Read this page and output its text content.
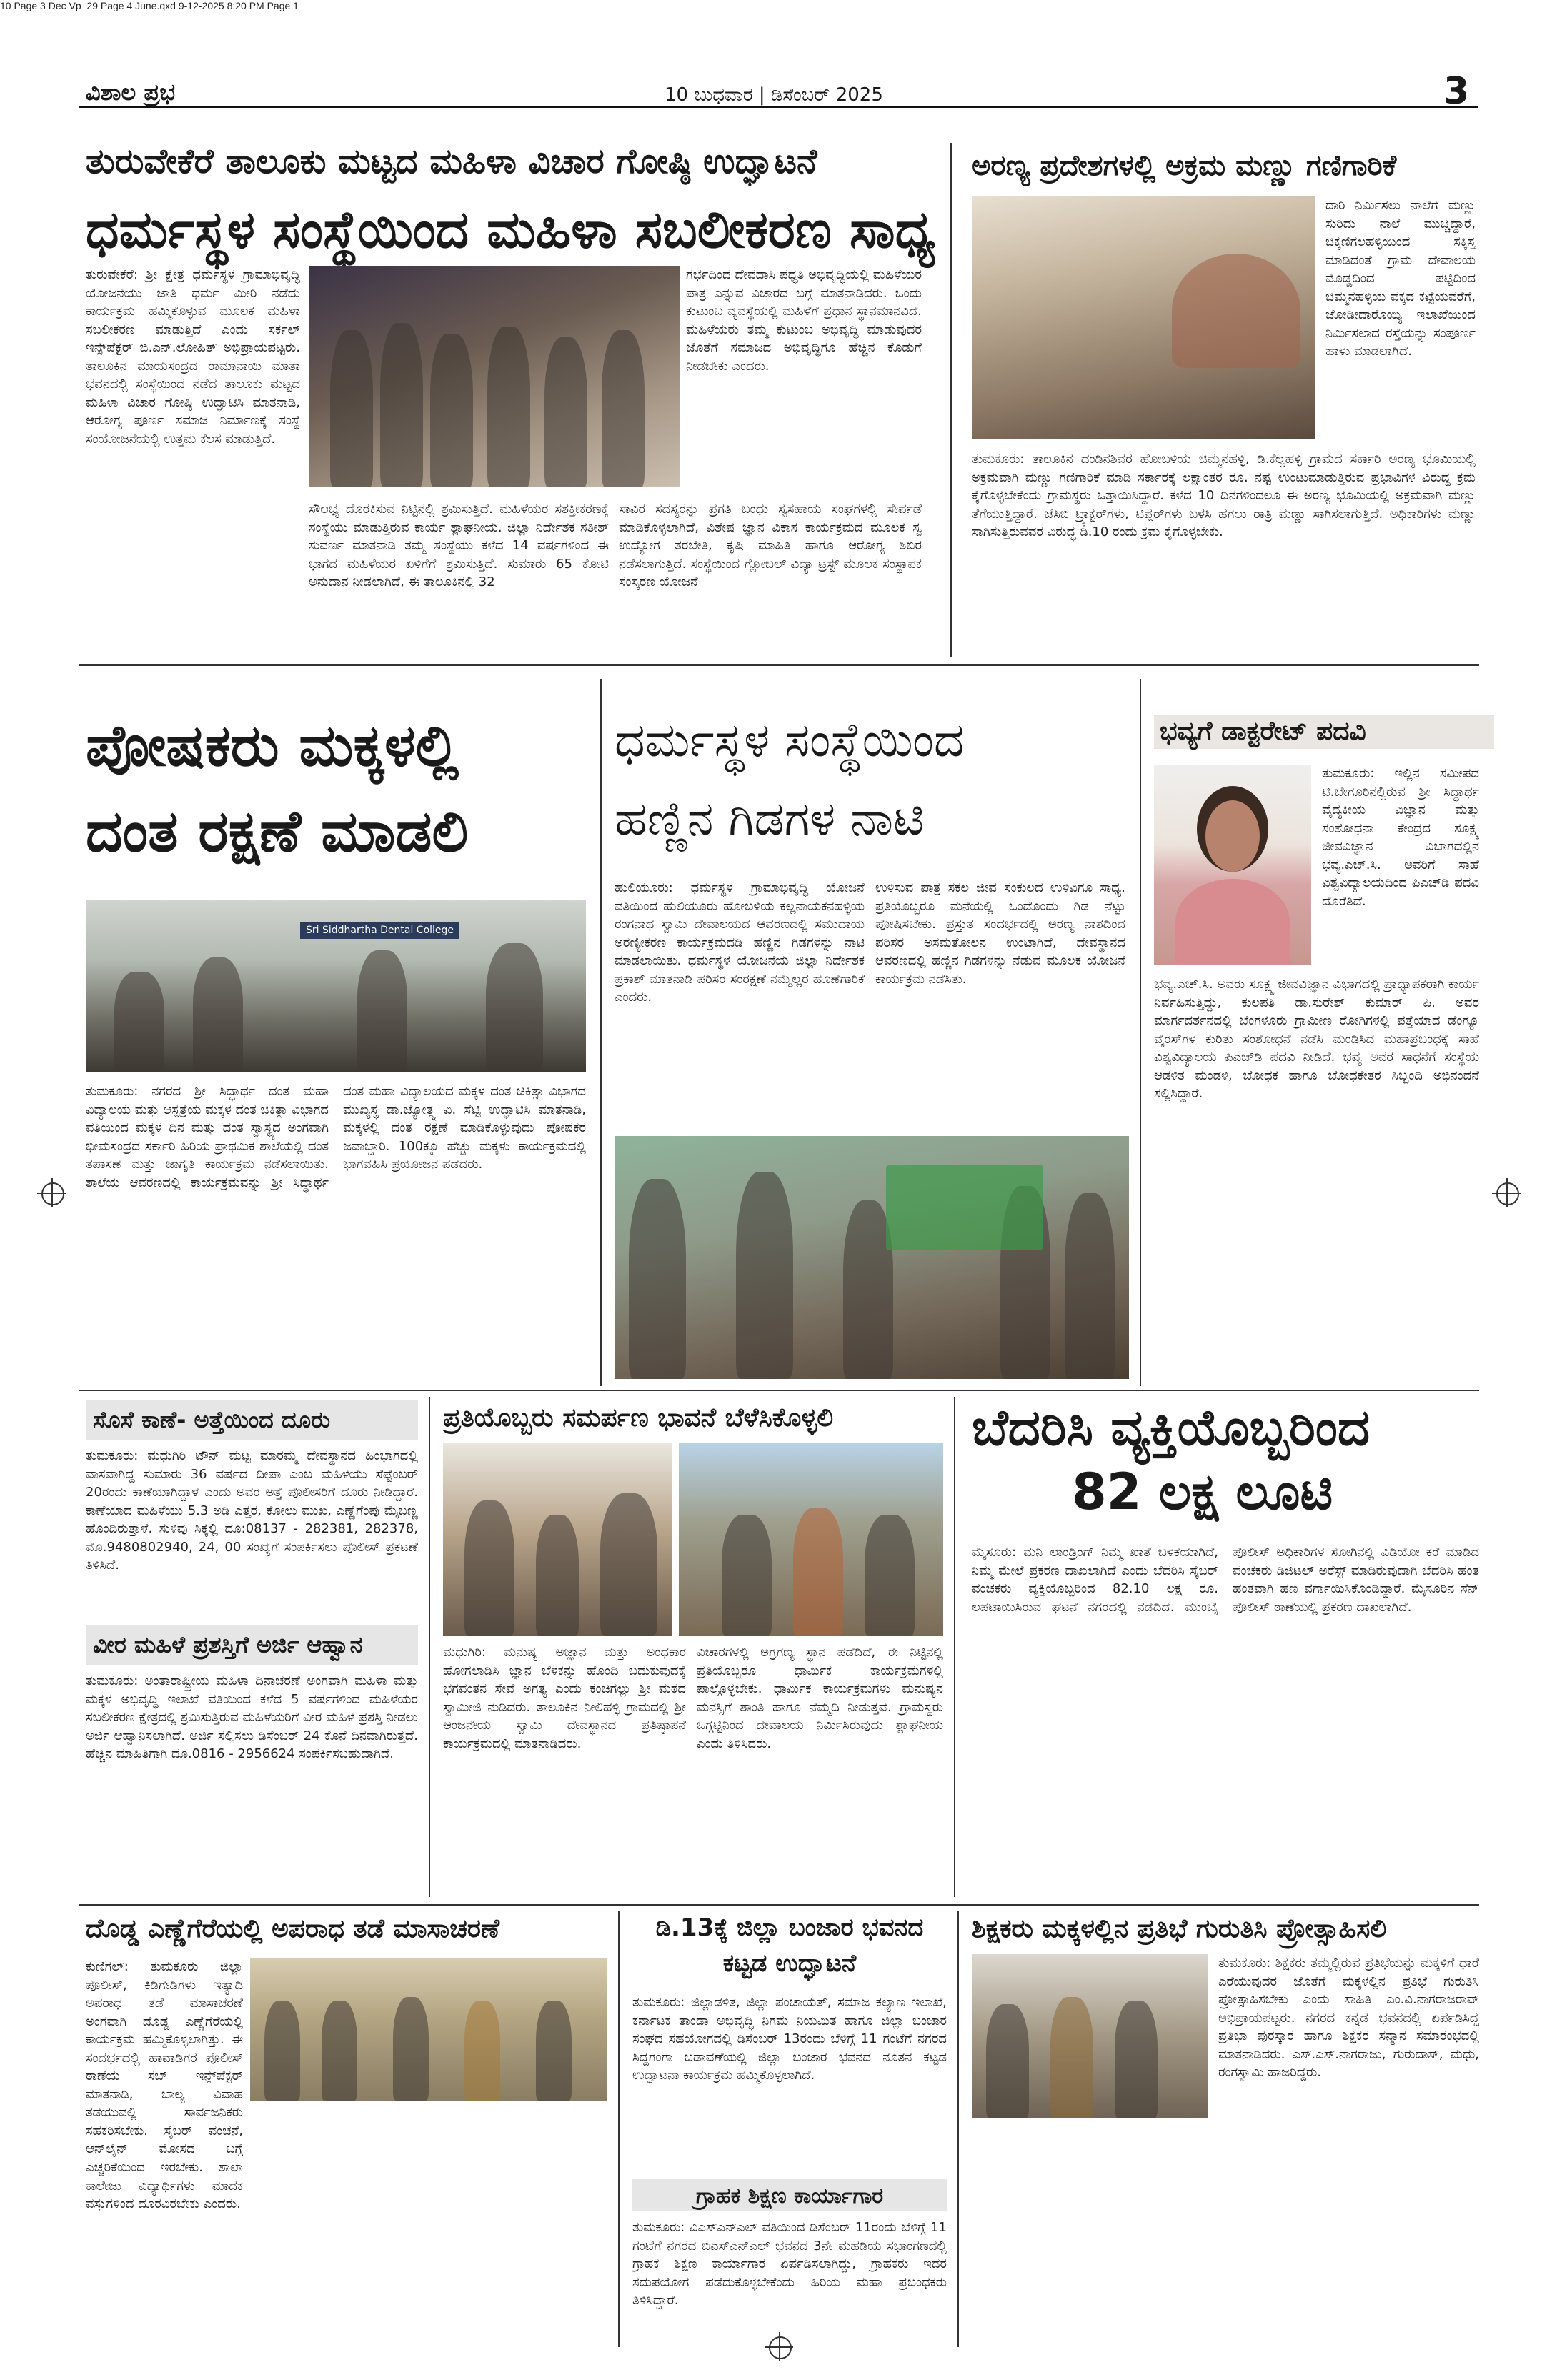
10 Page 3 Dec Vp_29 Page 4 June.qxd 9-12-2025 8:20 PM Page 1
ವಿಶಾಲ ಪ್ರಭ	10 ಬುಧವಾರ | ಡಿಸೆಂಬರ್ 2025	3
ತುರುವೇಕೆರೆ ತಾಲೂಕು ಮಟ್ಟದ ಮಹಿಳಾ ವಿಚಾರ ಗೋಷ್ಠಿ ಉದ್ಘಾಟನೆ
ಧರ್ಮಸ್ಥಳ ಸಂಸ್ಥೆಯಿಂದ ಮಹಿಳಾ ಸಬಲೀಕರಣ ಸಾಧ್ಯ
ತುರುವೇಕೆರೆ: ಶ್ರೀ ಕ್ಷೇತ್ರ ಧರ್ಮಸ್ಥಳ ಗ್ರಾಮಾಭಿವೃದ್ಧಿ ಯೋಜನೆಯು ಜಾತಿ ಧರ್ಮ ಮೀರಿ ನಡೆದು ಕಾರ್ಯಕ್ರಮ ಹಮ್ಮಿಕೊಳ್ಳುವ ಮೂಲಕ ಮಹಿಳಾ ಸಬಲೀಕರಣ ಮಾಡುತ್ತಿದೆ ಎಂದು ಸರ್ಕಲ್ ಇನ್ಸ್‌ಪೆಕ್ಟರ್ ಬಿ.ಎನ್.ಲೋಹಿತ್ ಅಭಿಪ್ರಾಯಪಟ್ಟರು. ತಾಲೂಕಿನ ಮಾಯಸಂದ್ರದ ರಾಮಾನಾಯಿ ಮಾತಾ ಭವನದಲ್ಲಿ ಸಂಸ್ಥೆಯಿಂದ ನಡೆದ ತಾಲೂಕು ಮಟ್ಟದ ಮಹಿಳಾ ವಿಚಾರ ಗೋಷ್ಠಿ ಉದ್ಘಾಟಿಸಿ ಮಾತನಾಡಿ, ಆರೋಗ್ಯ ಪೂರ್ಣ ಸಮಾಜ ನಿರ್ಮಾಣಕ್ಕೆ ಸಂಸ್ಥೆ ಸಂಯೋಜನೆಯಲ್ಲಿ ಉತ್ತಮ ಕೆಲಸ ಮಾಡುತ್ತಿದೆ.
ಗರ್ಭದಿಂದ ದೇವದಾಸಿ ಪಧ್ಧತಿ ಅಭಿವೃದ್ಧಿಯಲ್ಲಿ ಮಹಿಳೆಯರ ಪಾತ್ರ ಎನ್ನುವ ವಿಚಾರದ ಬಗ್ಗೆ ಮಾತನಾಡಿದರು. ಒಂದು ಕುಟುಂಬ ವ್ಯವಸ್ಥೆಯಲ್ಲಿ ಮಹಿಳೆಗೆ ಪ್ರಧಾನ ಸ್ಥಾನಮಾನವಿದೆ. ಮಹಿಳೆಯರು ತಮ್ಮ ಕುಟುಂಬ ಅಭಿವೃದ್ಧಿ ಮಾಡುವುದರ ಜೊತೆಗೆ ಸಮಾಜದ ಅಭಿವೃದ್ಧಿಗೂ ಹೆಚ್ಚಿನ ಕೊಡುಗೆ ನೀಡಬೇಕು ಎಂದರು.
ಸೌಲಭ್ಯ ದೊರಕಿಸುವ ನಿಟ್ಟಿನಲ್ಲಿ ಶ್ರಮಿಸುತ್ತಿದೆ. ಮಹಿಳೆಯರ ಸಶಕ್ತೀಕರಣಕ್ಕೆ ಸಂಸ್ಥೆಯು ಮಾಡುತ್ತಿರುವ ಕಾರ್ಯ ಶ್ಲಾಘನೀಯ. ಜಿಲ್ಲಾ ನಿರ್ದೇಶಕ ಸತೀಶ್ ಸುವರ್ಣ ಮಾತನಾಡಿ ತಮ್ಮ ಸಂಸ್ಥೆಯು ಕಳೆದ 14 ವರ್ಷಗಳಿಂದ ಈ ಭಾಗದ ಮಹಿಳೆಯರ ಏಳಿಗೆಗೆ ಶ್ರಮಿಸುತ್ತಿದೆ. ಸುಮಾರು 65 ಕೋಟಿ ಅನುದಾನ ನೀಡಲಾಗಿದೆ, ಈ ತಾಲೂಕಿನಲ್ಲಿ 32
ಸಾವಿರ ಸದಸ್ಯರನ್ನು ಪ್ರಗತಿ ಬಂಧು ಸ್ವಸಹಾಯ ಸಂಘಗಳಲ್ಲಿ ಸೇರ್ಪಡೆ ಮಾಡಿಕೊಳ್ಳಲಾಗಿದೆ, ವಿಶೇಷ ಜ್ಞಾನ ವಿಕಾಸ ಕಾರ್ಯಕ್ರಮದ ಮೂಲಕ ಸ್ವ ಉದ್ಯೋಗ ತರಬೇತಿ, ಕೃಷಿ ಮಾಹಿತಿ ಹಾಗೂ ಆರೋಗ್ಯ ಶಿಬಿರ ನಡೆಸಲಾಗುತ್ತಿದೆ. ಸಂಸ್ಥೆಯಿಂದ ಗ್ಲೋಬಲ್ ವಿದ್ಯಾ ಟ್ರಸ್ಟ್ ಮೂಲಕ ಸಂಸ್ಥಾಪಕ ಸಂಸ್ಕರಣ ಯೋಜನೆ
ಅರಣ್ಯ ಪ್ರದೇಶಗಳಲ್ಲಿ ಅಕ್ರಮ ಮಣ್ಣು ಗಣಿಗಾರಿಕೆ
ದಾರಿ ನಿರ್ಮಿಸಲು ನಾಲೆಗೆ ಮಣ್ಣು ಸುರಿದು ನಾಲೆ ಮುಚ್ಚಿದ್ದಾರೆ, ಚಿಕ್ಕಣಿಗಲಹಳ್ಳಿಯಿಂದ ಸಕ್ಕಿಸ್ತ ಮಾಡಿದಂತೆ ಗ್ರಾಮ ದೇವಾಲಯ ಮೊಡ್ಡದಿಂದ ಪಟ್ಟಿದಿಂದ ಚಿಮ್ಮನಹಳ್ಳಿಯ ವಕ್ಕದ ಕಟ್ಟೆಯವರೆಗೆ, ಜೋಡೀದಾರೊಯ್ಯಿ ಇಲಾಖೆಯಿಂದ ನಿರ್ಮಿಸಲಾದ ರಸ್ತೆಯನ್ನು ಸಂಪೂರ್ಣ ಹಾಳು ಮಾಡಲಾಗಿದೆ.
ತುಮಕೂರು: ತಾಲೂಕಿನ ದಂಡಿನಶಿವರ ಹೋಬಳಿಯ ಚಿಮ್ಮನಹಳ್ಳಿ, ಡಿ.ಕೆಲ್ಲಹಳ್ಳಿ ಗ್ರಾಮದ ಸರ್ಕಾರಿ ಅರಣ್ಯ ಭೂಮಿಯಲ್ಲಿ ಅಕ್ರಮವಾಗಿ ಮಣ್ಣು ಗಣಿಗಾರಿಕೆ ಮಾಡಿ ಸರ್ಕಾರಕ್ಕೆ ಲಕ್ಷಾಂತರ ರೂ. ನಷ್ಟ ಉಂಟುಮಾಡುತ್ತಿರುವ ಪ್ರಭಾವಿಗಳ ವಿರುದ್ಧ ಕ್ರಮ ಕೈಗೊಳ್ಳಬೇಕೆಂದು ಗ್ರಾಮಸ್ಥರು ಒತ್ತಾಯಿಸಿದ್ದಾರೆ. ಕಳೆದ 10 ದಿನಗಳಿಂದಲೂ ಈ ಅರಣ್ಯ ಭೂಮಿಯಲ್ಲಿ ಅಕ್ರಮವಾಗಿ ಮಣ್ಣು ತೆಗೆಯುತ್ತಿದ್ದಾರೆ. ಜೆಸಿಬಿ ಟ್ರ್ಯಾಕ್ಟರ್‌ಗಳು, ಟಿಪ್ಪರ್‌ಗಳು ಬಳಸಿ ಹಗಲು ರಾತ್ರಿ ಮಣ್ಣು ಸಾಗಿಸಲಾಗುತ್ತಿದೆ. ಅಧಿಕಾರಿಗಳು ಮಣ್ಣು ಸಾಗಿಸುತ್ತಿರುವವರ ವಿರುದ್ಧ ಡಿ.10 ರಂದು ಕ್ರಮ ಕೈಗೊಳ್ಳಬೇಕು.
ಪೋಷಕರು ಮಕ್ಕಳಲ್ಲಿ
ದಂತ ರಕ್ಷಣೆ ಮಾಡಲಿ
Sri Siddhartha Dental College
ತುಮಕೂರು: ನಗರದ ಶ್ರೀ ಸಿದ್ಧಾರ್ಥ ದಂತ ಮಹಾ ವಿದ್ಯಾಲಯ ಮತ್ತು ಆಸ್ಪತ್ರೆಯ ಮಕ್ಕಳ ದಂತ ಚಿಕಿತ್ಸಾ ವಿಭಾಗದ ವತಿಯಿಂದ ಮಕ್ಕಳ ದಿನ ಮತ್ತು ದಂತ ಸ್ವಾಸ್ಥ್ಯದ ಅಂಗವಾಗಿ ಭೀಮಸಂದ್ರದ ಸರ್ಕಾರಿ ಹಿರಿಯ ಪ್ರಾಥಮಿಕ ಶಾಲೆಯಲ್ಲಿ ದಂತ ತಪಾಸಣೆ ಮತ್ತು ಜಾಗೃತಿ ಕಾರ್ಯಕ್ರಮ ನಡೆಸಲಾಯಿತು. ಶಾಲೆಯ ಆವರಣದಲ್ಲಿ ಕಾರ್ಯಕ್ರಮವನ್ನು ಶ್ರೀ ಸಿದ್ಧಾರ್ಥ ದಂತ ಮಹಾ ವಿದ್ಯಾಲಯದ ಮಕ್ಕಳ ದಂತ ಚಿಕಿತ್ಸಾ ವಿಭಾಗದ ಮುಖ್ಯಸ್ಥ ಡಾ.ಜ್ಯೋತ್ಸ್ನ ವಿ. ಸೆಟ್ಟಿ ಉದ್ಘಾಟಿಸಿ ಮಾತನಾಡಿ, ಮಕ್ಕಳಲ್ಲಿ ದಂತ ರಕ್ಷಣೆ ಮಾಡಿಕೊಳ್ಳುವುದು ಪೋಷಕರ ಜವಾಬ್ದಾರಿ. 100ಕ್ಕೂ ಹೆಚ್ಚು ಮಕ್ಕಳು ಕಾರ್ಯಕ್ರಮದಲ್ಲಿ ಭಾಗವಹಿಸಿ ಪ್ರಯೋಜನ ಪಡೆದರು.
ಧರ್ಮಸ್ಥಳ ಸಂಸ್ಥೆಯಿಂದ
ಹಣ್ಣಿನ ಗಿಡಗಳ ನಾಟಿ
ಹುಲಿಯೂರು: ಧರ್ಮಸ್ಥಳ ಗ್ರಾಮಾಭಿವೃದ್ಧಿ ಯೋಜನೆ ವತಿಯಿಂದ ಹುಲಿಯೂರು ಹೋಬಳಿಯ ಕಲ್ಲನಾಯಕನಹಳ್ಳಿಯ ರಂಗನಾಥ ಸ್ವಾಮಿ ದೇವಾಲಯದ ಆವರಣದಲ್ಲಿ ಸಮುದಾಯ ಅರಣ್ಯೀಕರಣ ಕಾರ್ಯಕ್ರಮದಡಿ ಹಣ್ಣಿನ ಗಿಡಗಳನ್ನು ನಾಟಿ ಮಾಡಲಾಯಿತು. ಧರ್ಮಸ್ಥಳ ಯೋಜನೆಯ ಜಿಲ್ಲಾ ನಿರ್ದೇಶಕ ಪ್ರಕಾಶ್ ಮಾತನಾಡಿ ಪರಿಸರ ಸಂರಕ್ಷಣೆ ನಮ್ಮೆಲ್ಲರ ಹೊಣೆಗಾರಿಕೆ ಎಂದರು.
ಉಳಿಸುವ ಪಾತ್ರ ಸಕಲ ಜೀವ ಸಂಕುಲದ ಉಳಿವಿಗೂ ಸಾಧ್ಯ. ಪ್ರತಿಯೊಬ್ಬರೂ ಮನೆಯಲ್ಲಿ ಒಂದೊಂದು ಗಿಡ ನೆಟ್ಟು ಪೋಷಿಸಬೇಕು. ಪ್ರಸ್ತುತ ಸಂದರ್ಭದಲ್ಲಿ ಅರಣ್ಯ ನಾಶದಿಂದ ಪರಿಸರ ಅಸಮತೋಲನ ಉಂಟಾಗಿದೆ, ದೇವಸ್ಥಾನದ ಆವರಣದಲ್ಲಿ ಹಣ್ಣಿನ ಗಿಡಗಳನ್ನು ನೆಡುವ ಮೂಲಕ ಯೋಜನೆ ಕಾರ್ಯಕ್ರಮ ನಡೆಸಿತು.
ಭವ್ಯಗೆ ಡಾಕ್ಟರೇಟ್ ಪದವಿ
ತುಮಕೂರು: ಇಲ್ಲಿನ ಸಮೀಪದ ಟಿ.ಬೇಗೂರಿನಲ್ಲಿರುವ ಶ್ರೀ ಸಿದ್ಧಾರ್ಥ ವೈದ್ಯಕೀಯ ವಿಜ್ಞಾನ ಮತ್ತು ಸಂಶೋಧನಾ ಕೇಂದ್ರದ ಸೂಕ್ಷ್ಮ ಜೀವವಿಜ್ಞಾನ ವಿಭಾಗದಲ್ಲಿನ ಭವ್ಯ.ಎಚ್.ಸಿ. ಅವರಿಗೆ ಸಾಹೆ ವಿಶ್ವವಿದ್ಯಾಲಯದಿಂದ ಪಿಎಚ್‌ಡಿ ಪದವಿ ದೊರೆತಿದೆ.
ಭವ್ಯ.ಎಚ್.ಸಿ. ಅವರು ಸೂಕ್ಷ್ಮ ಜೀವವಿಜ್ಞಾನ ವಿಭಾಗದಲ್ಲಿ ಪ್ರಾಧ್ಯಾಪಕರಾಗಿ ಕಾರ್ಯ ನಿರ್ವಹಿಸುತ್ತಿದ್ದು, ಕುಲಪತಿ ಡಾ.ಸುರೇಶ್ ಕುಮಾರ್ ಪಿ. ಅವರ ಮಾರ್ಗದರ್ಶನದಲ್ಲಿ ಬೆಂಗಳೂರು ಗ್ರಾಮೀಣ ರೋಗಿಗಳಲ್ಲಿ ಪತ್ತೆಯಾದ ಡೆಂಗ್ಯೂ ವೈರಸ್‌ಗಳ ಕುರಿತು ಸಂಶೋಧನೆ ನಡೆಸಿ ಮಂಡಿಸಿದ ಮಹಾಪ್ರಬಂಧಕ್ಕೆ ಸಾಹೆ ವಿಶ್ವವಿದ್ಯಾಲಯ ಪಿಎಚ್‌ಡಿ ಪದವಿ ನೀಡಿದೆ. ಭವ್ಯ ಅವರ ಸಾಧನೆಗೆ ಸಂಸ್ಥೆಯ ಆಡಳಿತ ಮಂಡಳಿ, ಬೋಧಕ ಹಾಗೂ ಬೋಧಕೇತರ ಸಿಬ್ಬಂದಿ ಅಭಿನಂದನೆ ಸಲ್ಲಿಸಿದ್ದಾರೆ.
ಸೊಸೆ ಕಾಣೆ- ಅತ್ತೆಯಿಂದ ದೂರು
ತುಮಕೂರು: ಮಧುಗಿರಿ ಟೌನ್ ಮಟ್ಟ ಮಾರಮ್ಮ ದೇವಸ್ಥಾನದ ಹಿಂಭಾಗದಲ್ಲಿ ವಾಸವಾಗಿದ್ದ ಸುಮಾರು 36 ವರ್ಷದ ದೀಪಾ ಎಂಬ ಮಹಿಳೆಯು ಸೆಪ್ಟೆಂಬರ್ 20ರಂದು ಕಾಣೆಯಾಗಿದ್ದಾಳೆ ಎಂದು ಅವರ ಅತ್ತೆ ಪೊಲೀಸರಿಗೆ ದೂರು ನೀಡಿದ್ದಾರೆ. ಕಾಣೆಯಾದ ಮಹಿಳೆಯು 5.3 ಅಡಿ ಎತ್ತರ, ಕೋಲು ಮುಖ, ಎಣ್ಣೆಗೆಂಪು ಮೈಬಣ್ಣ ಹೊಂದಿರುತ್ತಾಳೆ. ಸುಳಿವು ಸಿಕ್ಕಲ್ಲಿ ದೂ:08137 - 282381, 282378, ಮೊ.9480802940, 24, 00 ಸಂಖ್ಯೆಗೆ ಸಂಪರ್ಕಿಸಲು ಪೊಲೀಸ್ ಪ್ರಕಟಣೆ ತಿಳಿಸಿದೆ.
ವೀರ ಮಹಿಳೆ ಪ್ರಶಸ್ತಿಗೆ ಅರ್ಜಿ ಆಹ್ವಾನ
ತುಮಕೂರು: ಅಂತಾರಾಷ್ಟ್ರೀಯ ಮಹಿಳಾ ದಿನಾಚರಣೆ ಅಂಗವಾಗಿ ಮಹಿಳಾ ಮತ್ತು ಮಕ್ಕಳ ಅಭಿವೃದ್ಧಿ ಇಲಾಖೆ ವತಿಯಿಂದ ಕಳೆದ 5 ವರ್ಷಗಳಿಂದ ಮಹಿಳೆಯರ ಸಬಲೀಕರಣ ಕ್ಷೇತ್ರದಲ್ಲಿ ಶ್ರಮಿಸುತ್ತಿರುವ ಮಹಿಳೆಯರಿಗೆ ವೀರ ಮಹಿಳೆ ಪ್ರಶಸ್ತಿ ನೀಡಲು ಅರ್ಜಿ ಆಹ್ವಾನಿಸಲಾಗಿದೆ. ಅರ್ಜಿ ಸಲ್ಲಿಸಲು ಡಿಸೆಂಬರ್ 24 ಕೊನೆ ದಿನವಾಗಿರುತ್ತದೆ. ಹೆಚ್ಚಿನ ಮಾಹಿತಿಗಾಗಿ ದೂ.0816 - 2956624 ಸಂಪರ್ಕಿಸಬಹುದಾಗಿದೆ.
ಪ್ರತಿಯೊಬ್ಬರು ಸಮರ್ಪಣ ಭಾವನೆ ಬೆಳೆಸಿಕೊಳ್ಳಲಿ
ಮಧುಗಿರಿ: ಮನುಷ್ಯ ಅಜ್ಞಾನ ಮತ್ತು ಅಂಧಕಾರ ಹೋಗಲಾಡಿಸಿ ಜ್ಞಾನ ಬೆಳಕನ್ನು ಹೊಂದಿ ಬದುಕುವುದಕ್ಕೆ ಭಗವಂತನ ಸೇವೆ ಅಗತ್ಯ ಎಂದು ಕಂಚಿಗಲ್ಲು ಶ್ರೀ ಮಠದ ಸ್ವಾಮೀಜಿ ನುಡಿದರು. ತಾಲೂಕಿನ ನೀಲಿಹಳ್ಳಿ ಗ್ರಾಮದಲ್ಲಿ ಶ್ರೀ ಆಂಜನೇಯ ಸ್ವಾಮಿ ದೇವಸ್ಥಾನದ ಪ್ರತಿಷ್ಠಾಪನೆ ಕಾರ್ಯಕ್ರಮದಲ್ಲಿ ಮಾತನಾಡಿದರು.
ವಿಚಾರಗಳಲ್ಲಿ ಅಗ್ರಗಣ್ಯ ಸ್ಥಾನ ಪಡೆದಿದೆ, ಈ ನಿಟ್ಟಿನಲ್ಲಿ ಪ್ರತಿಯೊಬ್ಬರೂ ಧಾರ್ಮಿಕ ಕಾರ್ಯಕ್ರಮಗಳಲ್ಲಿ ಪಾಲ್ಗೊಳ್ಳಬೇಕು. ಧಾರ್ಮಿಕ ಕಾರ್ಯಕ್ರಮಗಳು ಮನುಷ್ಯನ ಮನಸ್ಸಿಗೆ ಶಾಂತಿ ಹಾಗೂ ನೆಮ್ಮದಿ ನೀಡುತ್ತವೆ. ಗ್ರಾಮಸ್ಥರು ಒಗ್ಗಟ್ಟಿನಿಂದ ದೇವಾಲಯ ನಿರ್ಮಿಸಿರುವುದು ಶ್ಲಾಘನೀಯ ಎಂದು ತಿಳಿಸಿದರು.
ಬೆದರಿಸಿ ವ್ಯಕ್ತಿಯೊಬ್ಬರಿಂದ
82 ಲಕ್ಷ ಲೂಟಿ
ಮೈಸೂರು: ಮನಿ ಲಾಂಡ್ರಿಂಗ್ ನಿಮ್ಮ ಖಾತೆ ಬಳಕೆಯಾಗಿದೆ, ನಿಮ್ಮ ಮೇಲೆ ಪ್ರಕರಣ ದಾಖಲಾಗಿದೆ ಎಂದು ಬೆದರಿಸಿ ಸೈಬರ್ ವಂಚಕರು ವ್ಯಕ್ತಿಯೊಬ್ಬರಿಂದ 82.10 ಲಕ್ಷ ರೂ. ಲಪಟಾಯಿಸಿರುವ ಘಟನೆ ನಗರದಲ್ಲಿ ನಡೆದಿದೆ. ಮುಂಬೈ ಪೊಲೀಸ್ ಅಧಿಕಾರಿಗಳ ಸೋಗಿನಲ್ಲಿ ವಿಡಿಯೋ ಕರೆ ಮಾಡಿದ ವಂಚಕರು ಡಿಜಿಟಲ್ ಅರೆಸ್ಟ್ ಮಾಡಿರುವುದಾಗಿ ಬೆದರಿಸಿ ಹಂತ ಹಂತವಾಗಿ ಹಣ ವರ್ಗಾಯಿಸಿಕೊಂಡಿದ್ದಾರೆ. ಮೈಸೂರಿನ ಸೆನ್ ಪೊಲೀಸ್ ಠಾಣೆಯಲ್ಲಿ ಪ್ರಕರಣ ದಾಖಲಾಗಿದೆ.
ದೊಡ್ಡ ಎಣ್ಣೆಗೆರೆಯಲ್ಲಿ ಅಪರಾಧ ತಡೆ ಮಾಸಾಚರಣೆ
ಕುಣಿಗಲ್: ತುಮಕೂರು ಜಿಲ್ಲಾ ಪೊಲೀಸ್, ಕಿಡಿಗೇಡಿಗಳು ಇತ್ಯಾದಿ ಅಪರಾಧ ತಡೆ ಮಾಸಾಚರಣೆ ಅಂಗವಾಗಿ ದೊಡ್ಡ ಎಣ್ಣೆಗೆರೆಯಲ್ಲಿ ಕಾರ್ಯಕ್ರಮ ಹಮ್ಮಿಕೊಳ್ಳಲಾಗಿತ್ತು. ಈ ಸಂದರ್ಭದಲ್ಲಿ ಹಾವಾಡಿಗರ ಪೊಲೀಸ್ ಠಾಣೆಯ ಸಬ್ ಇನ್ಸ್‌ಪೆಕ್ಟರ್ ಮಾತನಾಡಿ, ಬಾಲ್ಯ ವಿವಾಹ ತಡೆಯುವಲ್ಲಿ ಸಾರ್ವಜನಿಕರು ಸಹಕರಿಸಬೇಕು. ಸೈಬರ್ ವಂಚನೆ, ಆನ್‌ಲೈನ್ ಮೋಸದ ಬಗ್ಗೆ ಎಚ್ಚರಿಕೆಯಿಂದ ಇರಬೇಕು. ಶಾಲಾ ಕಾಲೇಜು ವಿದ್ಯಾರ್ಥಿಗಳು ಮಾದಕ ವಸ್ತುಗಳಿಂದ ದೂರವಿರಬೇಕು ಎಂದರು.
ಡಿ.13ಕ್ಕೆ ಜಿಲ್ಲಾ ಬಂಜಾರ ಭವನದ
ಕಟ್ಟಡ ಉದ್ಘಾಟನೆ
ತುಮಕೂರು: ಜಿಲ್ಲಾಡಳಿತ, ಜಿಲ್ಲಾ ಪಂಚಾಯತ್, ಸಮಾಜ ಕಲ್ಯಾಣ ಇಲಾಖೆ, ಕರ್ನಾಟಕ ತಾಂಡಾ ಅಭಿವೃದ್ಧಿ ನಿಗಮ ನಿಯಮಿತ ಹಾಗೂ ಜಿಲ್ಲಾ ಬಂಜಾರ ಸಂಘದ ಸಹಯೋಗದಲ್ಲಿ ಡಿಸೆಂಬರ್ 13ರಂದು ಬೆಳಿಗ್ಗೆ 11 ಗಂಟೆಗೆ ನಗರದ ಸಿದ್ದಗಂಗಾ ಬಡಾವಣೆಯಲ್ಲಿ ಜಿಲ್ಲಾ ಬಂಜಾರ ಭವನದ ನೂತನ ಕಟ್ಟಡ ಉದ್ಘಾಟನಾ ಕಾರ್ಯಕ್ರಮ ಹಮ್ಮಿಕೊಳ್ಳಲಾಗಿದೆ.
ಗ್ರಾಹಕ ಶಿಕ್ಷಣ ಕಾರ್ಯಾಗಾರ
ತುಮಕೂರು: ವಿಎಸ್‌ಎನ್‌ಎಲ್ ವತಿಯಿಂದ ಡಿಸೆಂಬರ್ 11ರಂದು ಬೆಳಿಗ್ಗೆ 11 ಗಂಟೆಗೆ ನಗರದ ಬಿಎಸ್‌ಎನ್‌ಎಲ್ ಭವನದ 3ನೇ ಮಹಡಿಯ ಸಭಾಂಗಣದಲ್ಲಿ ಗ್ರಾಹಕ ಶಿಕ್ಷಣ ಕಾರ್ಯಾಗಾರ ಏರ್ಪಡಿಸಲಾಗಿದ್ದು, ಗ್ರಾಹಕರು ಇದರ ಸದುಪಯೋಗ ಪಡೆದುಕೊಳ್ಳಬೇಕೆಂದು ಹಿರಿಯ ಮಹಾ ಪ್ರಬಂಧಕರು ತಿಳಿಸಿದ್ದಾರೆ.
ಶಿಕ್ಷಕರು ಮಕ್ಕಳಲ್ಲಿನ ಪ್ರತಿಭೆ ಗುರುತಿಸಿ ಪ್ರೋತ್ಸಾಹಿಸಲಿ
ತುಮಕೂರು: ಶಿಕ್ಷಕರು ತಮ್ಮಲ್ಲಿರುವ ಪ್ರತಿಭೆಯನ್ನು ಮಕ್ಕಳಿಗೆ ಧಾರೆ ಎರೆಯುವುದರ ಜೊತೆಗೆ ಮಕ್ಕಳಲ್ಲಿನ ಪ್ರತಿಭೆ ಗುರುತಿಸಿ ಪ್ರೋತ್ಸಾಹಿಸಬೇಕು ಎಂದು ಸಾಹಿತಿ ಎಂ.ವಿ.ನಾಗರಾಜರಾವ್ ಅಭಿಪ್ರಾಯಪಟ್ಟರು. ನಗರದ ಕನ್ನಡ ಭವನದಲ್ಲಿ ಏರ್ಪಡಿಸಿದ್ದ ಪ್ರತಿಭಾ ಪುರಸ್ಕಾರ ಹಾಗೂ ಶಿಕ್ಷಕರ ಸನ್ಮಾನ ಸಮಾರಂಭದಲ್ಲಿ ಮಾತನಾಡಿದರು. ಎಸ್.ಎಸ್.ನಾಗರಾಜು, ಗುರುದಾಸ್, ಮಧು, ರಂಗಸ್ವಾಮಿ ಹಾಜರಿದ್ದರು.
